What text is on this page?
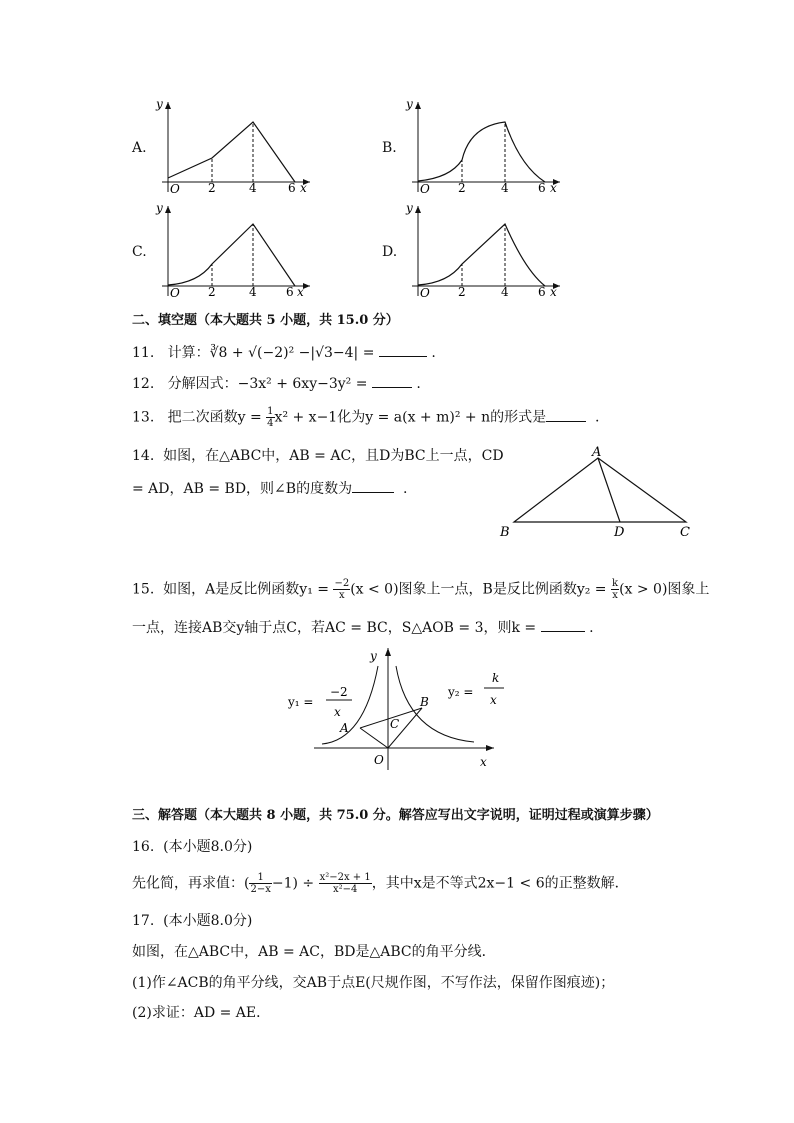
A.
y
O 2	4	6 x
B.
y
O 2	4 6 x
C.
y
O 2	4 6 x
D.
y
O 2	4 6 x
二、填空题（本大题共 5 小题，共 15.0 分）
11. 计算：∛8 + √(−2)² −|√3−4| =	.
12. 分解因式：−3x² + 6xy−3y² =	.
13. 把二次函数$y = \frac{1}{4} x^2 + x-1$化为y = a(x + m)² + n的形式是	.
14. 如图，在△ABC中，AB = AC，且D为BC上一点，CD
= AD，AB = BD，则∠B的度数为	.
A
B	D	C
15. 如图，A是反比例函数$y_1 = \frac{-2}{x} (x < 0)$图象上一点，B是反比例函数$y_2 = \frac{k}{x} (x > 0)$图象上
一点，连接AB交y轴于点C，若AC = BC，S△AOB = 3，则k =	.
y
x
O
A
B
C
y₁ =
−2
x
y₂ =
k
x
三、解答题（本大题共 8 小题，共 75.0 分。解答应写出文字说明，证明过程或演算步骤）
16. (本小题8.0分)
先化简，再求值：( $\frac{1}{2-x} -1) \div \frac{\text{x²−2x + 1}}{\text{x²−4}}$ ，其中x是不等式2x−1 < 6的正整数解．
17. (本小题8.0分)
如图，在△ABC中，AB = AC，BD是△ABC的角平分线．
(1)作∠ACB的角平分线，交AB于点E(尺规作图，不写作法，保留作图痕迹)；
(2)求证：AD = AE．
